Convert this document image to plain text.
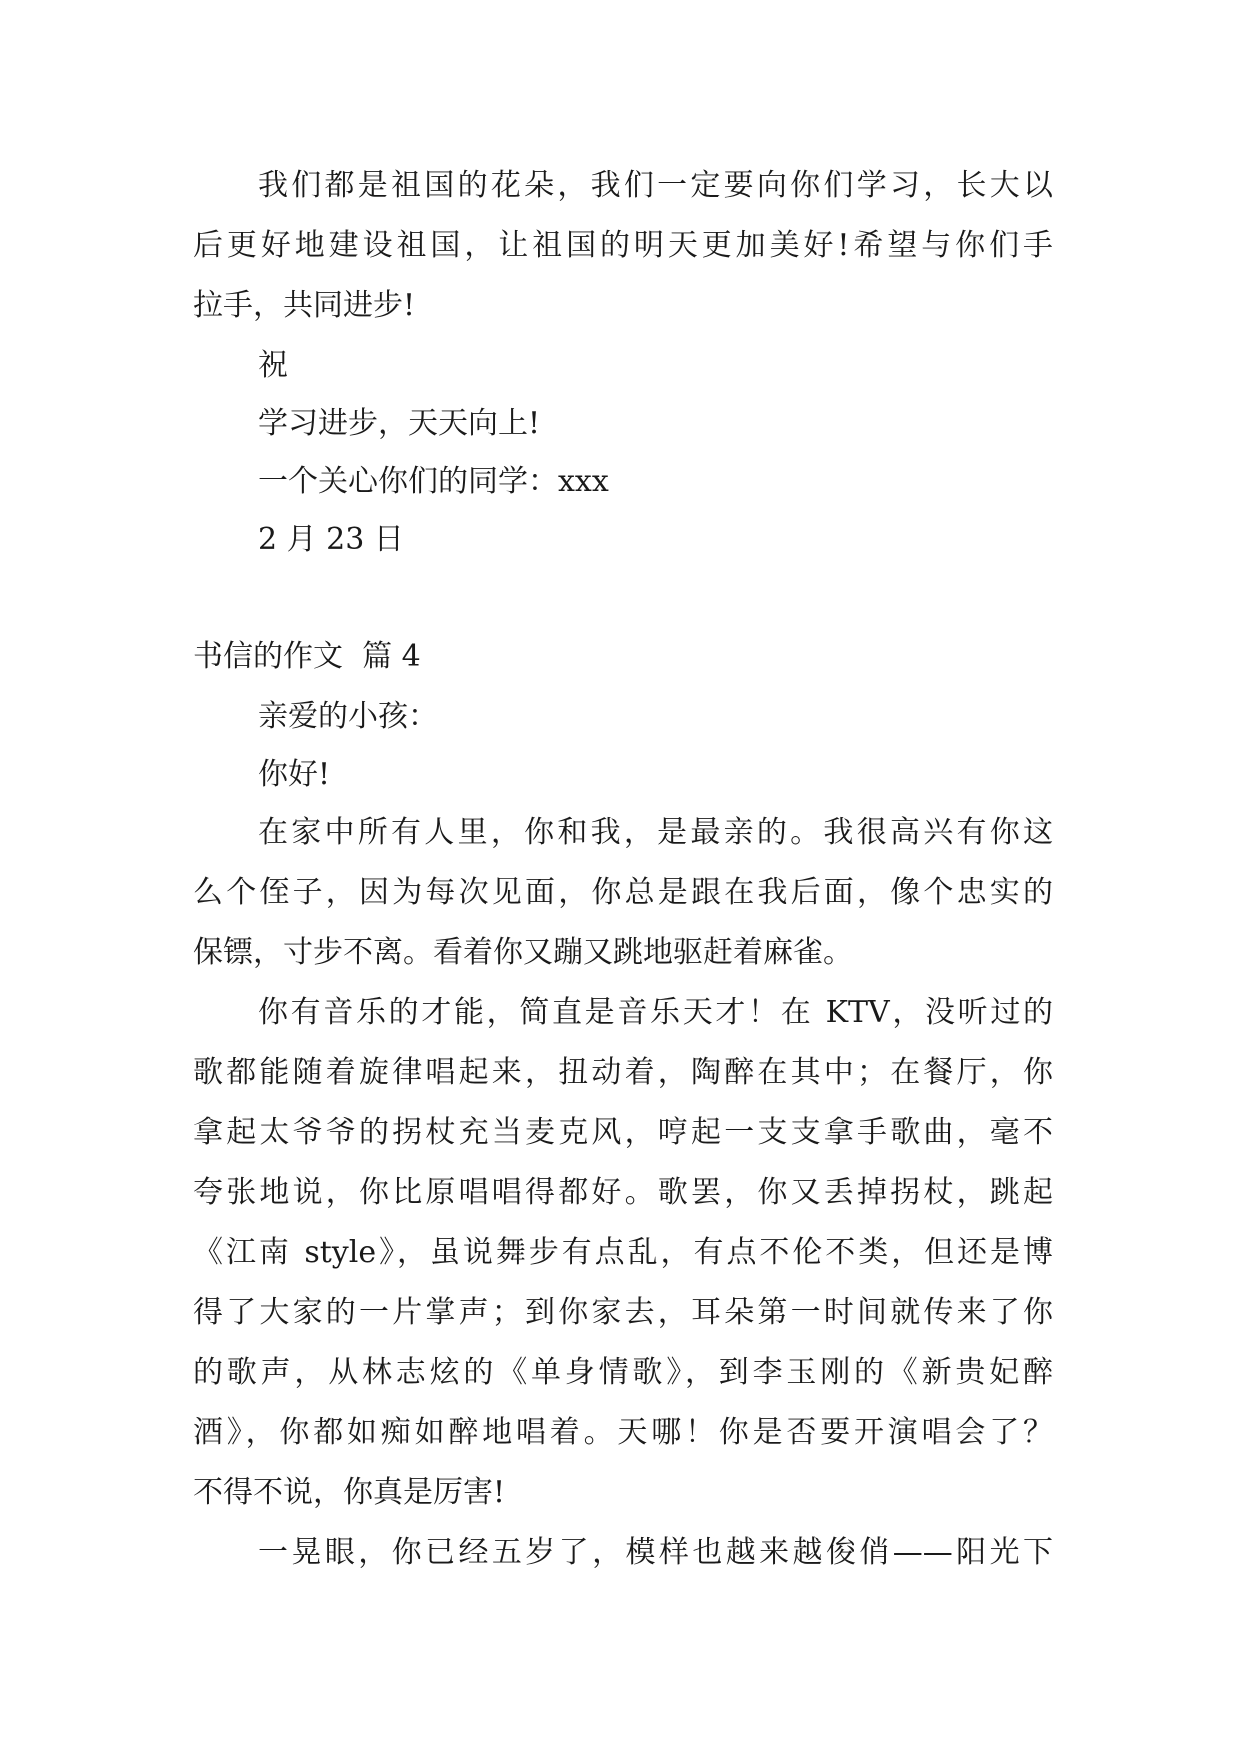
我们都是祖国的花朵，我们一定要向你们学习，长大以
后更好地建设祖国，让祖国的明天更加美好!希望与你们手
拉手，共同进步!
祝
学习进步，天天向上!
一个关心你们的同学：xxx
2 月 23 日
书信的作文  篇 4
亲爱的小孩：
你好!
在家中所有人里，你和我，是最亲的。我很高兴有你这
么个侄子，因为每次见面，你总是跟在我后面，像个忠实的
保镖，寸步不离。看着你又蹦又跳地驱赶着麻雀。
你有音乐的才能，简直是音乐天才！在 KTV，没听过的
歌都能随着旋律唱起来，扭动着，陶醉在其中；在餐厅，你
拿起太爷爷的拐杖充当麦克风，哼起一支支拿手歌曲，毫不
夸张地说，你比原唱唱得都好。歌罢，你又丢掉拐杖，跳起
《江南 style》，虽说舞步有点乱，有点不伦不类，但还是博
得了大家的一片掌声；到你家去，耳朵第一时间就传来了你
的歌声，从林志炫的《单身情歌》，到李玉刚的《新贵妃醉
酒》，你都如痴如醉地唱着。天哪！你是否要开演唱会了？
不得不说，你真是厉害!
一晃眼，你已经五岁了，模样也越来越俊俏——阳光下
